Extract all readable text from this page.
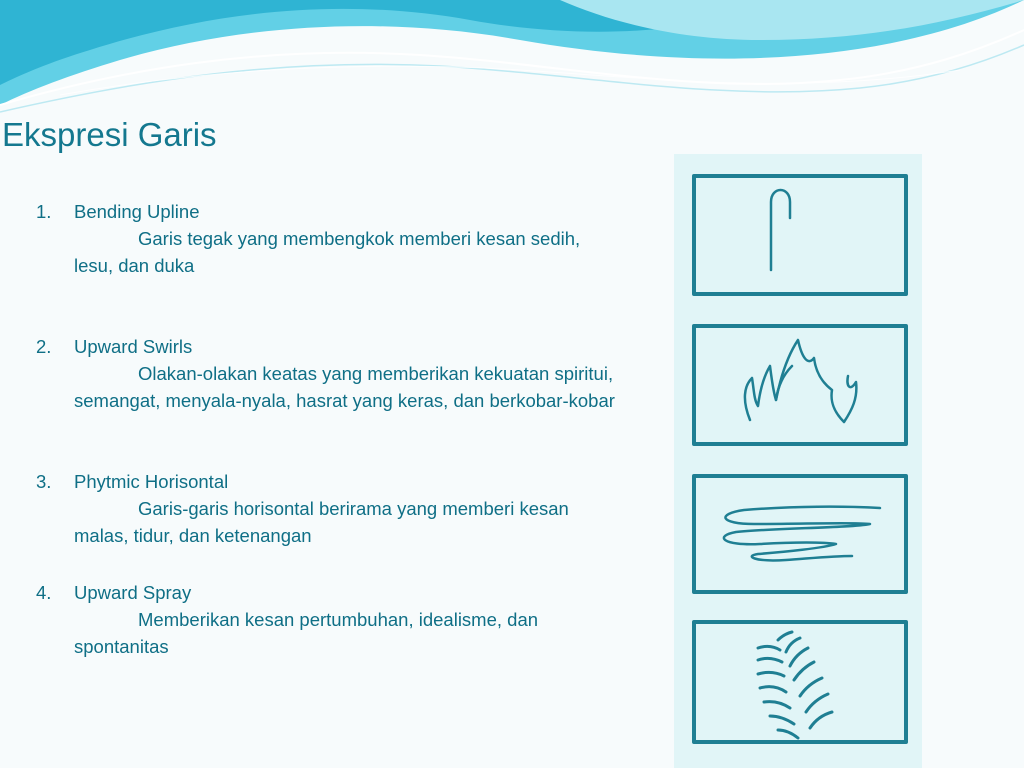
Ekspresi Garis
1. Bending Upline
Garis tegak yang membengkok memberi kesan sedih, lesu, dan duka
2. Upward Swirls
Olakan-olakan keatas yang memberikan kekuatan spiritui, semangat, menyala-nyala, hasrat yang keras, dan berkobar-kobar
3. Phytmic Horisontal
Garis-garis horisontal berirama yang memberi kesan malas, tidur, dan ketenangan
4. Upward Spray
Memberikan kesan pertumbuhan, idealisme, dan spontanitas
